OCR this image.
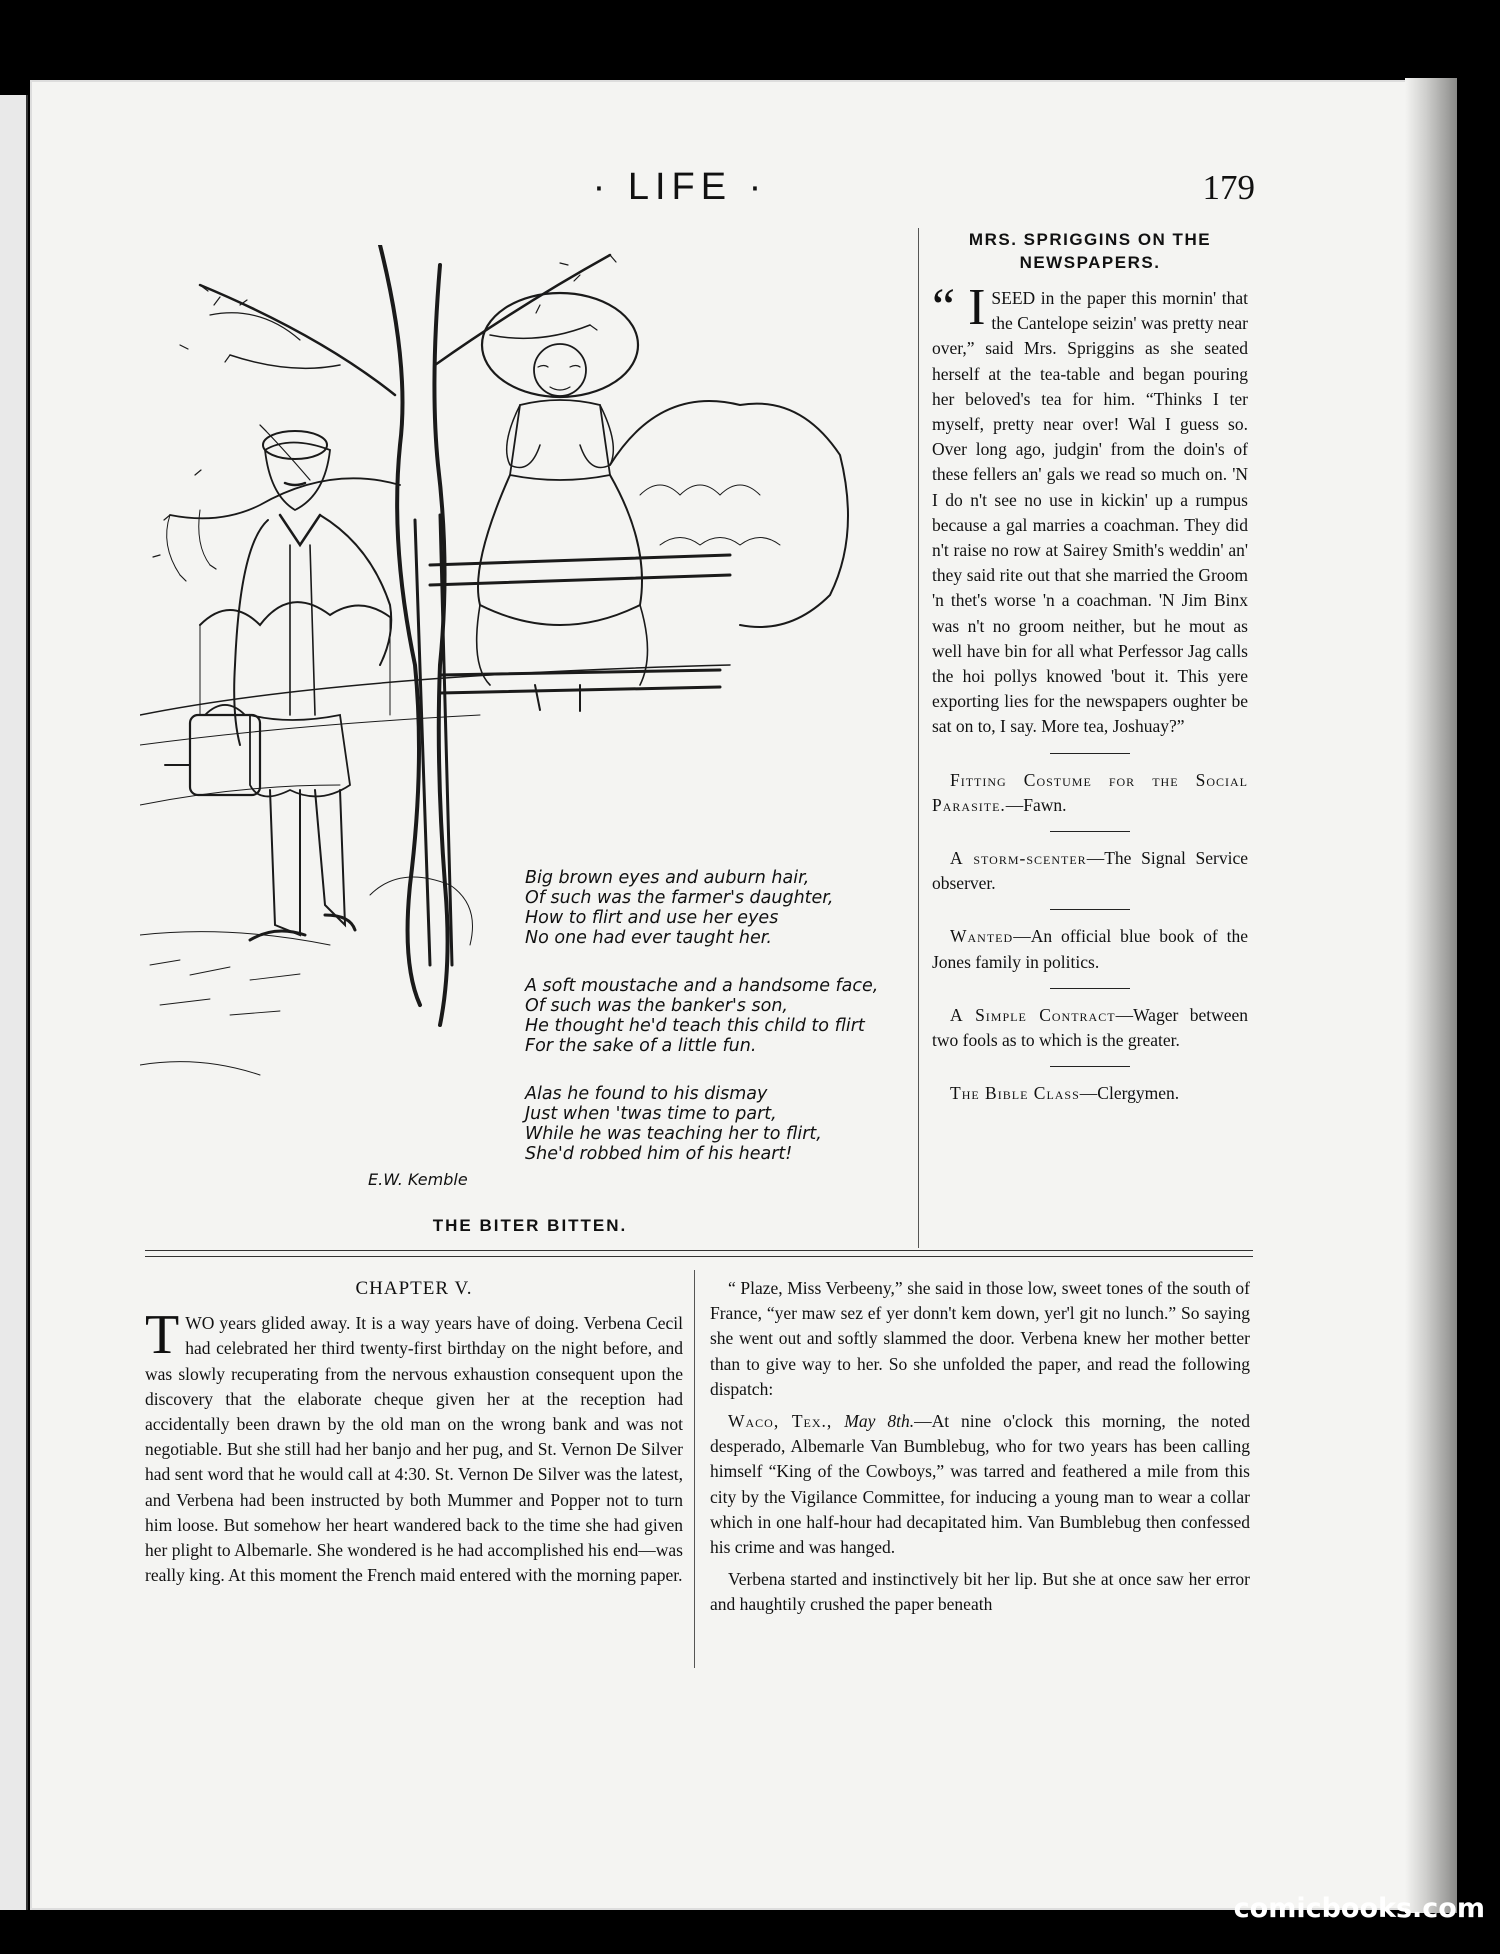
· LIFE ·	179
Big brown eyes and auburn hair,
Of such was the farmer's daughter,
How to flirt and use her eyes
No one had ever taught her.
A soft moustache and a handsome face,
Of such was the banker's son,
He thought he'd teach this child to flirt
For the sake of a little fun.
Alas he found to his dismay
Just when 'twas time to part,
While he was teaching her to flirt,
She'd robbed him of his heart!
E.W. Kemble
THE BITER BITTEN.
MRS. SPRIGGINS ON THE
NEWSPAPERS.

“ I SEED in the paper this mornin' that the Cantelope seizin' was pretty near over,” said Mrs. Spriggins as she seated herself at the tea-table and began pouring her beloved's tea for him. “Thinks I ter myself, pretty near over! Wal I guess so. Over long ago, judgin' from the doin's of these fellers an' gals we read so much on. 'N I do n't see no use in kickin' up a rumpus because a gal marries a coachman. They did n't raise no row at Sairey Smith's weddin' an' they said rite out that she married the Groom 'n thet's worse 'n a coachman. 'N Jim Binx was n't no groom neither, but he mout as well have bin for all what Perfessor Jag calls the hoi pollys knowed 'bout it. This yere exporting lies for the newspapers oughter be sat on to, I say. More tea, Joshuay?”

Fitting Costume for the Social Parasite.—Fawn.

A storm-scenter—The Signal Service observer.

Wanted—An official blue book of the Jones family in politics.

A Simple Contract—Wager between two fools as to which is the greater.

The Bible Class—Clergymen.

CHAPTER V.

T WO years glided away. It is a way years have of doing. Verbena Cecil had celebrated her third twenty-first birthday on the night before, and was slowly recuperating from the nervous exhaustion consequent upon the discovery that the elaborate cheque given her at the reception had accidentally been drawn by the old man on the wrong bank and was not negotiable. But she still had her banjo and her pug, and St. Vernon De Silver had sent word that he would call at 4:30. St. Vernon De Silver was the latest, and Verbena had been instructed by both Mummer and Popper not to turn him loose. But somehow her heart wandered back to the time she had given her plight to Albemarle. She wondered is he had accomplished his end—was really king. At this moment the French maid entered with the morning paper.

“ Plaze, Miss Verbeeny,” she said in those low, sweet tones of the south of France, “yer maw sez ef yer donn't kem down, yer'l git no lunch.” So saying she went out and softly slammed the door. Verbena knew her mother better than to give way to her. So she unfolded the paper, and read the following dispatch:

Waco, Tex., May 8th.—At nine o'clock this morning, the noted desperado, Albemarle Van Bumblebug, who for two years has been calling himself “King of the Cowboys,” was tarred and feathered a mile from this city by the Vigilance Committee, for inducing a young man to wear a collar which in one half-hour had decapitated him. Van Bumblebug then confessed his crime and was hanged.

Verbena started and instinctively bit her lip. But she at once saw her error and haughtily crushed the paper beneath

comicbooks.com
